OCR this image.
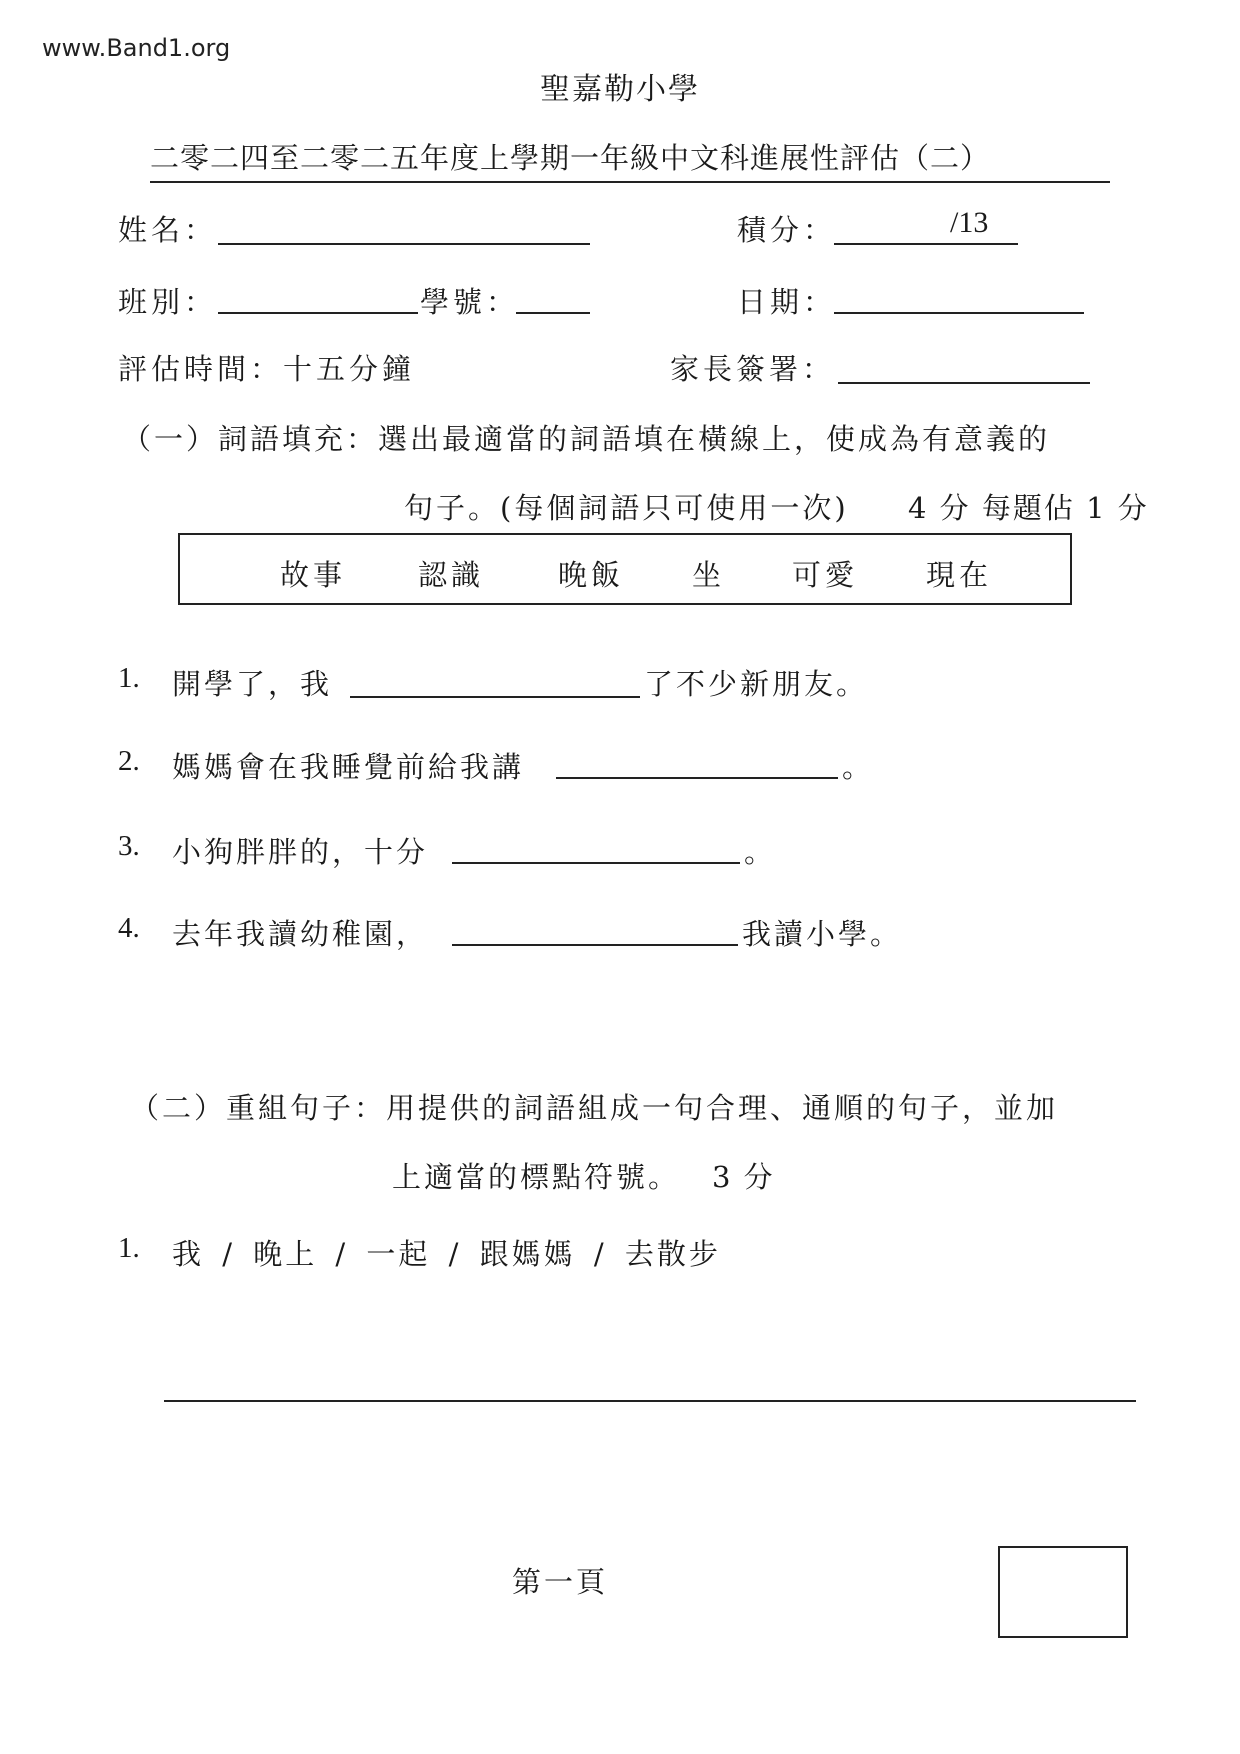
www.Band1.org
聖嘉勒小學
二零二四至二零二五年度上學期一年級中文科進展性評估（二）
姓名：	積分：	/13
班別：	學號：	日期：
評估時間：十五分鐘	家長簽署：
（一）詞語填充：選出最適當的詞語填在橫線上，使成為有意義的
句子。(每個詞語只可使用一次) 4 分 每題佔 1 分
故事 認識	晚飯 坐 可愛 現在
1. 開學了，我	了不少新朋友。
2. 媽媽會在我睡覺前給我講	。
3. 小狗胖胖的，十分	。
4. 去年我讀幼稚園，	我讀小學。
（二）重組句子：用提供的詞語組成一句合理、通順的句子，並加
上適當的標點符號。 3 分
1. 我 / 晚上 / 一起 / 跟媽媽 / 去散步
第一頁
